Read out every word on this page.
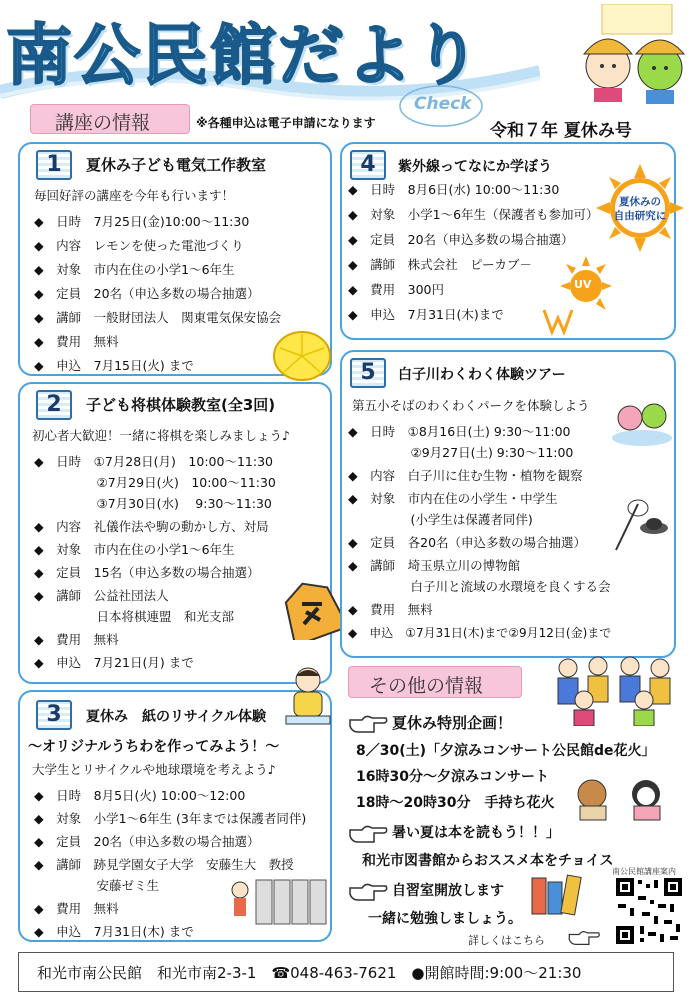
南公民館だより
講座の情報	※各種申込は電子申請になります
Check
令和７年 夏休み号
1	夏休み子ども電気工作教室
毎回好評の講座を今年も行います！
◆　日時　7月25日(金)10:00～11:30
◆　内容　レモンを使った電池づくり
◆　対象　市内在住の小学1～6年生
◆　定員　20名（申込多数の場合抽選）
◆　講師　一般財団法人　関東電気保安協会
◆　費用　無料
◆　申込　7月15日(火) まで
2	子ども将棋体験教室(全3回)
初心者大歓迎！一緒に将棋を楽しみましょう♪
◆　日時　①7月28日(月)　10:00～11:30
　　　　　②7月29日(火)　10:00～11:30
　　　　　③7月30日(水)　 9:30～11:30
◆　内容　礼儀作法や駒の動かし方、対局
◆　対象　市内在住の小学1～6年生
◆　定員　15名（申込多数の場合抽選）
◆　講師　公益社団法人
　　　　　日本将棋連盟　和光支部
◆　費用　無料
◆　申込　7月21日(月) まで
3	夏休み　紙のリサイクル体験
～オリジナルうちわを作ってみよう！～
大学生とリサイクルや地球環境を考えよう♪
◆　日時　8月5日(火) 10:00～12:00
◆　対象　小学1～6年生 (3年までは保護者同伴)
◆　定員　20名（申込多数の場合抽選）
◆　講師　跡見学園女子大学　安藤生大　教授
　　　　　安藤ゼミ生
◆　費用　無料
◆　申込　7月31日(木) まで
4	紫外線ってなにか学ぼう
◆　日時　8月6日(水) 10:00～11:30
◆　対象　小学1～6年生（保護者も参加可）
◆　定員　20名（申込多数の場合抽選）
◆　講師　株式会社　ピーカブ－
◆　費用　300円
◆　申込　7月31日(木)まで
夏休みの
自由研究に
UV
5	白子川わくわく体験ツアー
第五小そばのわくわくパークを体験しよう
◆　日時　①8月16日(土) 9:30～11:00
　　　　　②9月27日(土) 9:30～11:00
◆　内容　白子川に住む生物・植物を観察
◆　対象　市内在住の小学生・中学生
　　　　　(小学生は保護者同伴)
◆　定員　各20名（申込多数の場合抽選）
◆　講師　埼玉県立川の博物館
　　　　　白子川と流域の水環境を良くする会
◆　費用　無料
◆　申込　①7月31日(木)まで②9月12日(金)まで
その他の情報
夏休み特別企画！
8／30(土)「夕涼みコンサート公民館de花火」
16時30分～夕涼みコンサート
18時～20時30分　手持ち花火
暑い夏は本を読もう！！」
和光市図書館からおススメ本をチョイス
自習室開放します
一緒に勉強しましょう。
詳しくはこちら
南公民館講座案内
和光市南公民館　和光市南2-3-1　☎048-463-7621　●開館時間:9:00～21:30
